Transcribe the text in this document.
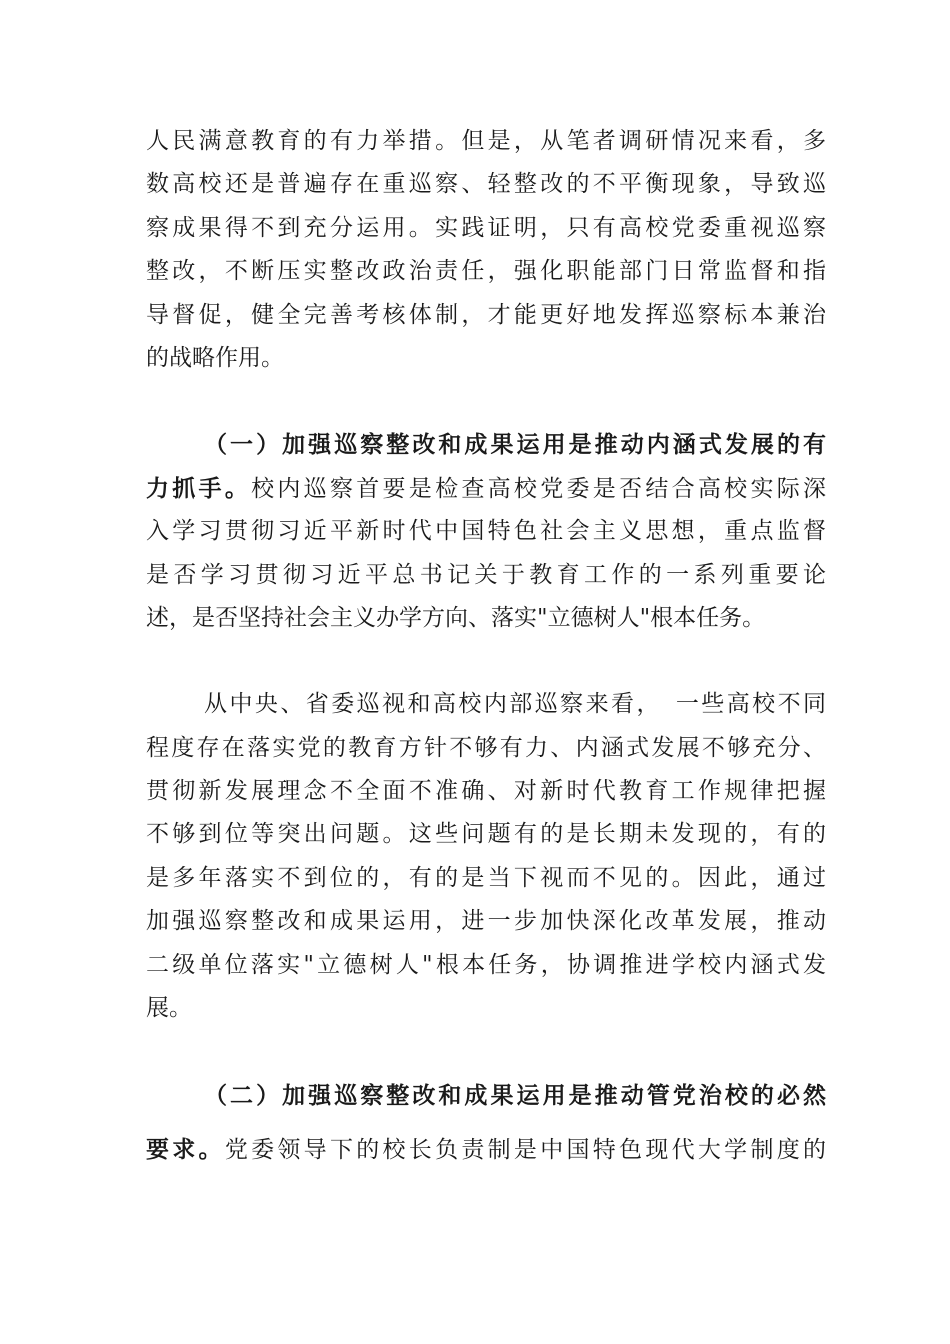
人民满意教育的有力举措。但是，从笔者调研情况来看，多
数高校还是普遍存在重巡察、轻整改的不平衡现象，导致巡
察成果得不到充分运用。实践证明，只有高校党委重视巡察
整改，不断压实整改政治责任，强化职能部门日常监督和指
导督促，健全完善考核体制，才能更好地发挥巡察标本兼治
的战略作用。
（一）加强巡察整改和成果运用是推动内涵式发展的有
力抓手。校内巡察首要是检查高校党委是否结合高校实际深
入学习贯彻习近平新时代中国特色社会主义思想，重点监督
是否学习贯彻习近平总书记关于教育工作的一系列重要论
述，是否坚持社会主义办学方向、落实"立德树人"根本任务。
从中央、省委巡视和高校内部巡察来看，　一些高校不同
程度存在落实党的教育方针不够有力、内涵式发展不够充分、
贯彻新发展理念不全面不准确、对新时代教育工作规律把握
不够到位等突出问题。这些问题有的是长期未发现的，有的
是多年落实不到位的，有的是当下视而不见的。因此，通过
加强巡察整改和成果运用，进一步加快深化改革发展，推动
二级单位落实"立德树人"根本任务，协调推进学校内涵式发
展。
（二）加强巡察整改和成果运用是推动管党治校的必然
要求。党委领导下的校长负责制是中国特色现代大学制度的
